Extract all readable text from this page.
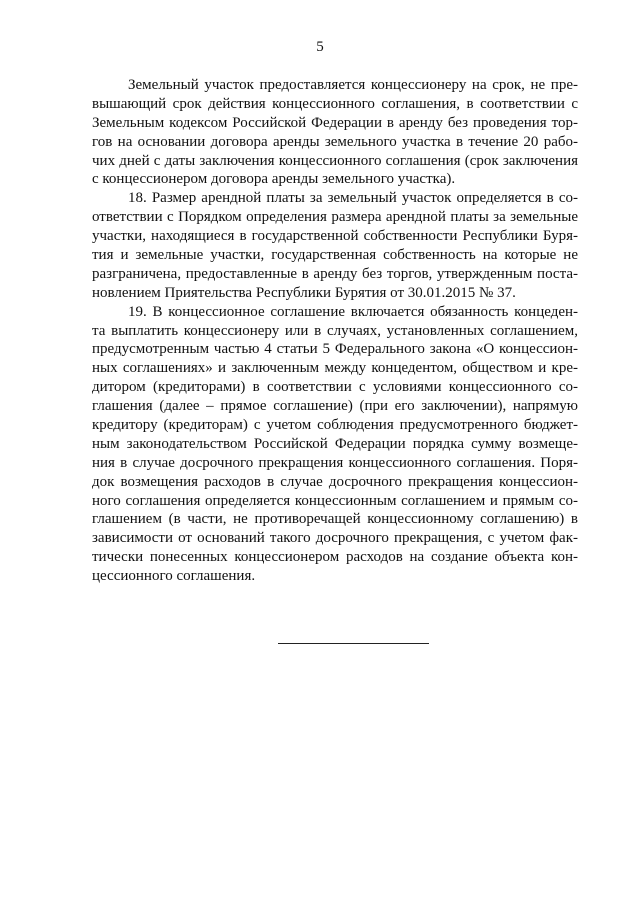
5
Земельный участок предоставляется концессионеру на срок, не пре-
вышающий срок действия концессионного соглашения, в соответствии с
Земельным кодексом Российской Федерации в аренду без проведения тор-
гов на основании договора аренды земельного участка в течение 20 рабо-
чих дней с даты заключения концессионного соглашения (срок заключения
с концессионером договора аренды земельного участка).
18. Размер арендной платы за земельный участок определяется в со-
ответствии с Порядком определения размера арендной платы за земельные
участки, находящиеся в государственной собственности Республики Буря-
тия и земельные участки, государственная собственность на которые не
разграничена, предоставленные в аренду без торгов, утвержденным поста-
новлением Приятельства Республики Бурятия от 30.01.2015 № 37.
19. В концессионное соглашение включается обязанность концеден-
та выплатить концессионеру или в случаях, установленных соглашением,
предусмотренным частью 4 статьи 5 Федерального закона «О концессион-
ных соглашениях» и заключенным между концедентом, обществом и кре-
дитором (кредиторами) в соответствии с условиями концессионного со-
глашения (далее – прямое соглашение) (при его заключении), напрямую
кредитору (кредиторам) с учетом соблюдения предусмотренного бюджет-
ным законодательством Российской Федерации порядка сумму возмеще-
ния в случае досрочного прекращения концессионного соглашения. Поря-
док возмещения расходов в случае досрочного прекращения концессион-
ного соглашения определяется концессионным соглашением и прямым со-
глашением (в части, не противоречащей концессионному соглашению) в
зависимости от оснований такого досрочного прекращения, с учетом фак-
тически понесенных концессионером расходов на создание объекта кон-
цессионного соглашения.
